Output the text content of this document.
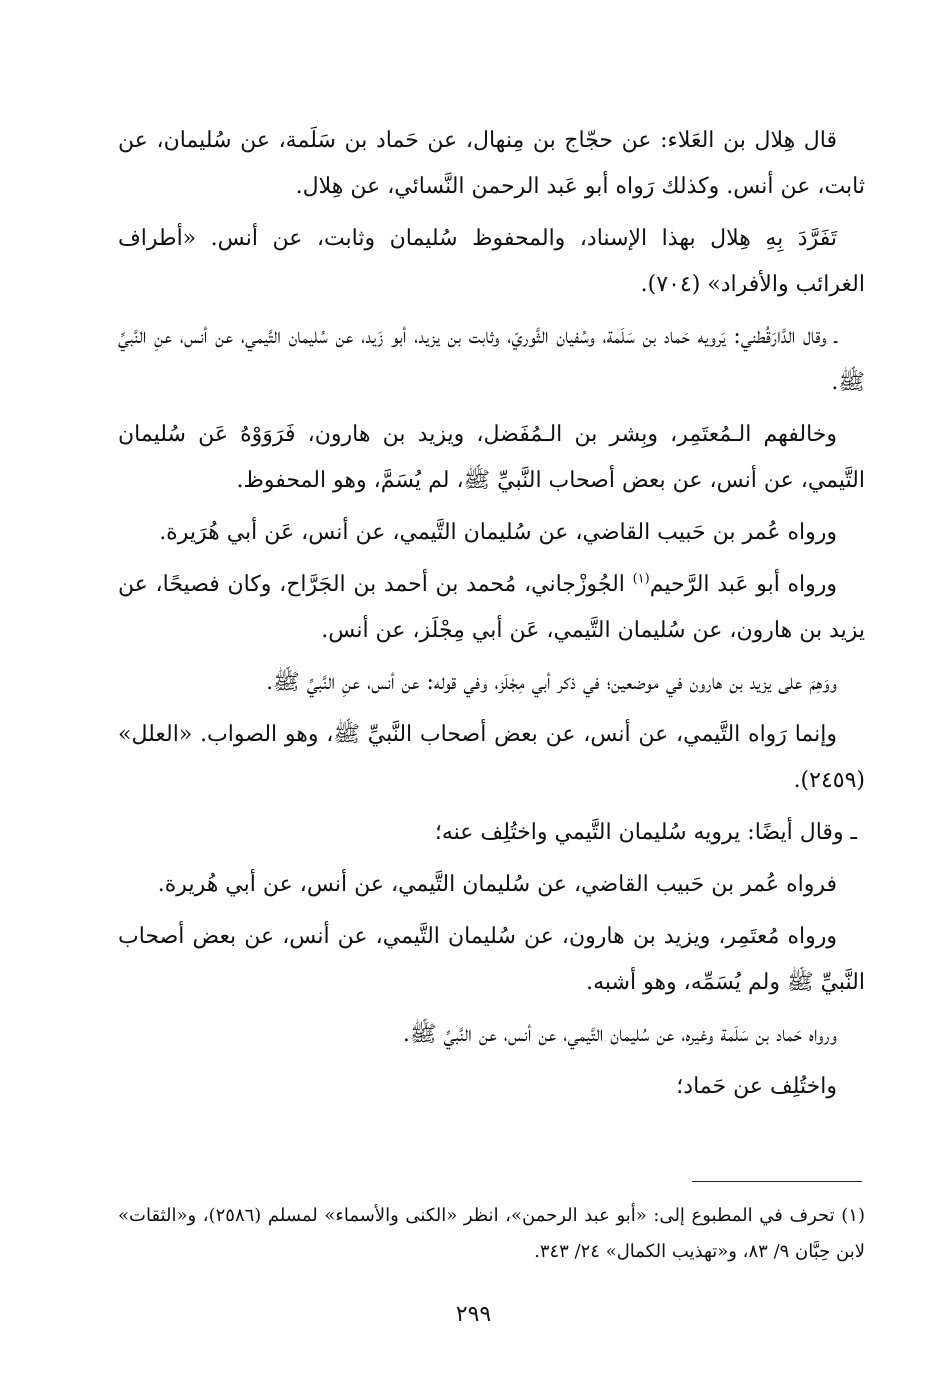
قال هِلال بن العَلاء: عن حجّاج بن مِنهال، عن حَماد بن سَلَمة، عن سُليمان، عن ثابت، عن أنس. وكذلك رَواه أبو عَبد الرحمن النَّسائي، عن هِلال.

تَفَرَّدَ بِهِ هِلال بهذا الإسناد، والمحفوظ سُليمان وثابت، عن أنس. «أطراف الغرائب والأفراد» (٧٠٤).

ـ وقال الدَّارَقُطني: يَرويه حَماد بن سَلَمة، وسُفيان الثَّوريّ، وثابت بن يزيد، أبو زَيد، عن سُليمان التَّيمي، عن أنس، عنِ النَّبيِّ ﷺ.

وخالفهم الـمُعتَمِر، وبِشر بن الـمُفَضل، ويزيد بن هارون، فَرَوَوْهُ عَن سُليمان التَّيمي، عن أنس، عن بعض أصحاب النَّبيِّ ﷺ، لم يُسَمَّ، وهو المحفوظ.

ورواه عُمر بن حَبيب القاضي، عن سُليمان التَّيمي، عن أنس، عَن أبي هُرَيرة.

ورواه أبو عَبد الرَّحيم$^{(١)}$ الجُوزْجاني، مُحمد بن أحمد بن الجَرَّاح، وكان فصيحًا، عن يزيد بن هارون، عن سُليمان التَّيمي، عَن أبي مِجْلَز، عن أنس.

ووَهِمَ على يزيد بن هارون في موضعين؛ في ذكر أبي مِجْلَز، وفي قوله: عن أنس، عنِ النَّبيِّ ﷺ.

وإنما رَواه التَّيمي، عن أنس، عن بعض أصحاب النَّبيِّ ﷺ، وهو الصواب. «العلل» (٢٤٥٩).

ـ وقال أيضًا: يرويه سُليمان التَّيمي واختُلِف عنه؛

فرواه عُمر بن حَبيب القاضي، عن سُليمان التَّيمي، عن أنس، عن أبي هُريرة.

ورواه مُعتَمِر، ويزيد بن هارون، عن سُليمان التَّيمي، عن أنس، عن بعض أصحاب النَّبيِّ ﷺ ولم يُسَمِّه، وهو أشبه.

ورواه حَماد بن سَلَمة وغيره، عن سُليمان التَّيمي، عن أنس، عن النَّبيِّ ﷺ.

واختُلِف عن حَماد؛

(١) تحرف في المطبوع إلى: «أبو عبد الرحمن»، انظر «الكنى والأسماء» لمسلم (٢٥٨٦)، و«الثقات» لابن حِبَّان ٩/ ٨٣، و«تهذيب الكمال» ٢٤/ ٣٤٣.
٢٩٩
